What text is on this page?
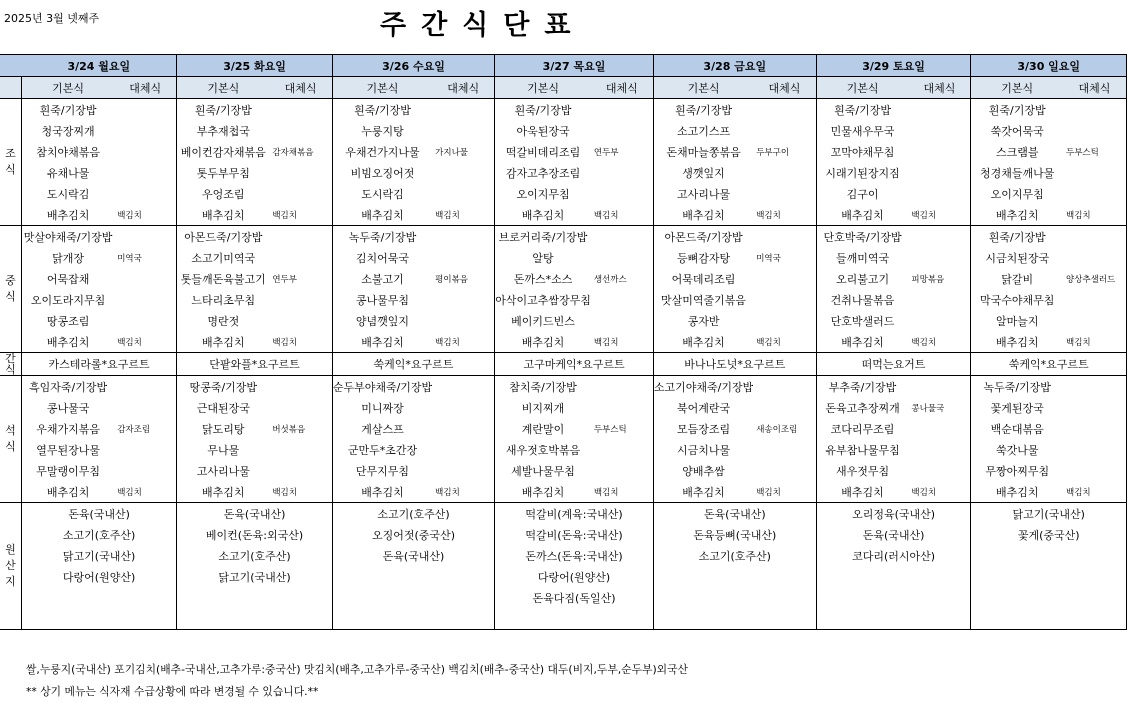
2025년 3월 넷째주	주간식단표
	3/24 월요일		3/25 화요일		3/26 수요일		3/27 목요일		3/28 금요일		3/29 토요일		3/30 일요일	
	기본식	대체식	기본식	대체식	기본식	대체식	기본식	대체식	기본식	대체식	기본식	대체식	기본식	대체식
조
식	흰죽/기장밥		흰죽/기장밥		흰죽/기장밥		흰죽/기장밥		흰죽/기장밥		흰죽/기장밥		흰죽/기장밥	
	청국장찌개		부추재첩국		누룽지탕		아욱된장국		소고기스프		민물새우무국		쑥갓어묵국	
	참치야채볶음		베이컨감자채볶음	감자채볶음	우채건가지나물	가지나물	떡갈비데리조림	연두부	돈채마늘쫑볶음	두부구이	꼬막야채무침		스크램블	두부스틱
	유채나물		톳두부무침		비빔오징어젓		감자고추장조림		생깻잎지		시래기된장지짐		청경채들깨나물	
	도시락김		우엉조림		도시락김		오이지무침		고사리나물		김구이		오이지무침	
	배추김치	백김치	배추김치	백김치	배추김치	백김치	배추김치	백김치	배추김치	백김치	배추김치	백김치	배추김치	백김치
중
식	맛살야채죽/기장밥		아몬드죽/기장밥		녹두죽/기장밥		브로커리죽/기장밥		아몬드죽/기장밥		단호박죽/기장밥		흰죽/기장밥	
	닭개장	미역국	소고기미역국		김치어묵국		알탕		등뼈감자탕	미역국	들깨미역국		시금치된장국	
	어묵잡채		톳들깨돈육불고기	연두부	소불고기	평이볶음	돈까스*소스	생선까스	어묵데리조림		오리불고기	피망볶음	닭갈비	양상추샐러드
	오이도라지무침		느타리초무침		콩나물무침		아삭이고추쌈장무침		맛살미역줄기볶음		건취나물볶음		막국수야채무침	
	땅콩조림		명란젓		양념깻잎지		베이키드빈스		콩자반		단호박샐러드		알마늘지	
	배추김치	백김치	배추김치	백김치	배추김치	백김치	배추김치	백김치	배추김치	백김치	배추김치	백김치	배추김치	백김치
간
식	카스테라롤*요구르트		단팥와플*요구르트		쑥케익*요구르트		고구마케익*요구르트		바나나도넛*요구르트		떠먹는요거트		쑥케익*요구르트	
석
식	흑임자죽/기장밥		땅콩죽/기장밥		순두부야채죽/기장밥		참치죽/기장밥		소고기야채죽/기장밥		부추죽/기장밥		녹두죽/기장밥	
	콩나물국		근대된장국		미니짜장		비지찌개		북어계란국		돈육고추장찌개	콩나물국	꽃게된장국	
	우채가지볶음	감자조림	닭도리탕	버섯볶음	게살스프		계란말이	두부스틱	모듬장조림	새송이조림	코다리무조림		백순대볶음	
	열무된장나물		무나물		군만두*초간장		새우젓호박볶음		시금치나물		유부참나물무침		쑥갓나물	
	무말랭이무침		고사리나물		단무지무침		세발나물무침		양배추쌈		새우젓무침		무짱아찌무침	
	배추김치	백김치	배추김치	백김치	배추김치	백김치	배추김치	백김치	배추김치	백김치	배추김치	백김치	배추김치	백김치
원
산
지	돈육(국내산)		돈육(국내산)		소고기(호주산)		떡갈비(계육:국내산)		돈육(국내산)		오리정육(국내산)		닭고기(국내산)	
	소고기(호주산)		베이컨(돈육:외국산)		오징어젓(중국산)		떡갈비(돈육:국내산)		돈육등뼈(국내산)		돈육(국내산)		꽃게(중국산)	
	닭고기(국내산)		소고기(호주산)		돈육(국내산)		돈까스(돈육:국내산)		소고기(호주산)		코다리(러시아산)			
	다랑어(원양산)		닭고기(국내산)				다랑어(원양산)							
							돈육다짐(독일산)							

쌀,누룽지(국내산) 포기김치(배추-국내산,고추가루:중국산) 맛김치(배추,고추가루-중국산) 백김치(배추-중국산) 대두(비지,두부,순두부)외국산
** 상기 메뉴는 식자재 수급상황에 따라 변경될 수 있습니다.**
